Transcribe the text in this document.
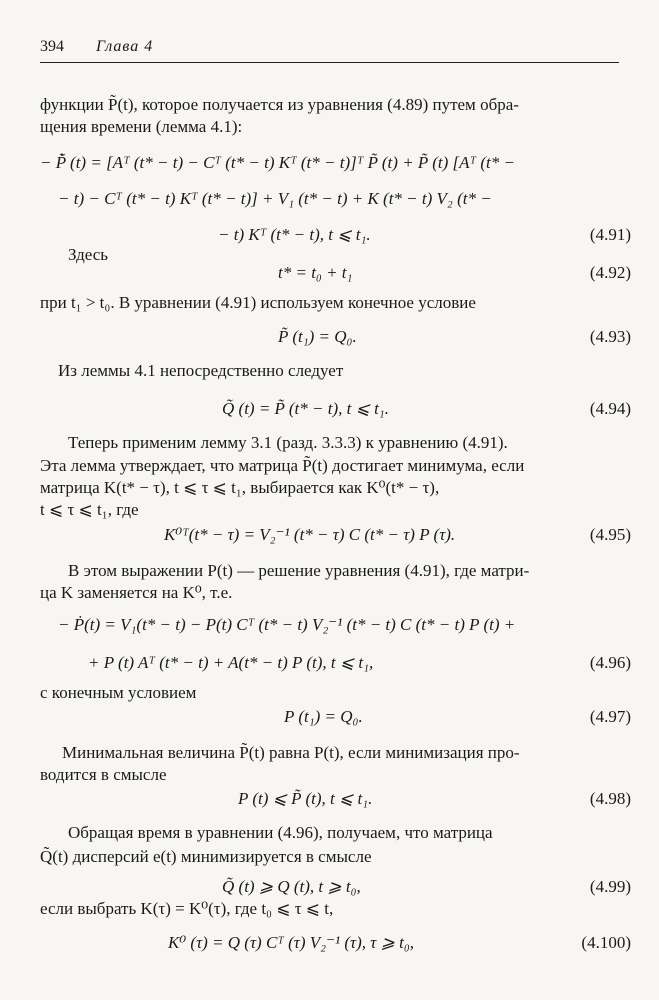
394 Глава 4
функции P̃(t), которое получается из уравнения (4.89) путем обра-
щения времени (лемма 4.1):
− P̃̇ (t) = [Aᵀ (t* − t) − Cᵀ (t* − t) Kᵀ (t* − t)]ᵀ P̃ (t) + P̃ (t) [Aᵀ (t* −
− t) − Cᵀ (t* − t) Kᵀ (t* − t)] + V₁ (t* − t) + K (t* − t) V₂ (t* −
− t) Kᵀ (t* − t), t ⩽ t₁.	(4.91)
Здесь
t* = t₀ + t₁	(4.92)
при t₁ > t₀. В уравнении (4.91) используем конечное условие
P̃ (t₁) = Q₀.	(4.93)
Из леммы 4.1 непосредственно следует
Q̃ (t) = P̃ (t* − t), t ⩽ t₁.	(4.94)
Теперь применим лемму 3.1 (разд. 3.3.3) к уравнению (4.91).
Эта лемма утверждает, что матрица P̃(t) достигает минимума, если
матрица K(t* − τ), t ⩽ τ ⩽ t₁, выбирается как K⁰(t* − τ),
t ⩽ τ ⩽ t₁, где
K⁰ᵀ(t* − τ) = V₂⁻¹ (t* − τ) C (t* − τ) P (τ).	(4.95)
В этом выражении P(t) — решение уравнения (4.91), где матри-
ца K заменяется на K⁰, т.е.
− Ṗ(t) = V₁(t* − t) − P(t) Cᵀ (t* − t) V₂⁻¹ (t* − t) C (t* − t) P (t) +
+ P (t) Aᵀ (t* − t) + A(t* − t) P (t), t ⩽ t₁,	(4.96)
с конечным условием
P (t₁) = Q₀.	(4.97)
Минимальная величина P̃(t) равна P(t), если минимизация про-
водится в смысле
P (t) ⩽ P̃ (t), t ⩽ t₁.	(4.98)
Обращая время в уравнении (4.96), получаем, что матрица
Q̃(t) дисперсий e(t) минимизируется в смысле
Q̃ (t) ⩾ Q (t), t ⩾ t₀,	(4.99)
если выбрать K(τ) = K⁰(τ), где t₀ ⩽ τ ⩽ t,
K⁰ (τ) = Q (τ) Cᵀ (τ) V₂⁻¹ (τ), τ ⩾ t₀,	(4.100)
